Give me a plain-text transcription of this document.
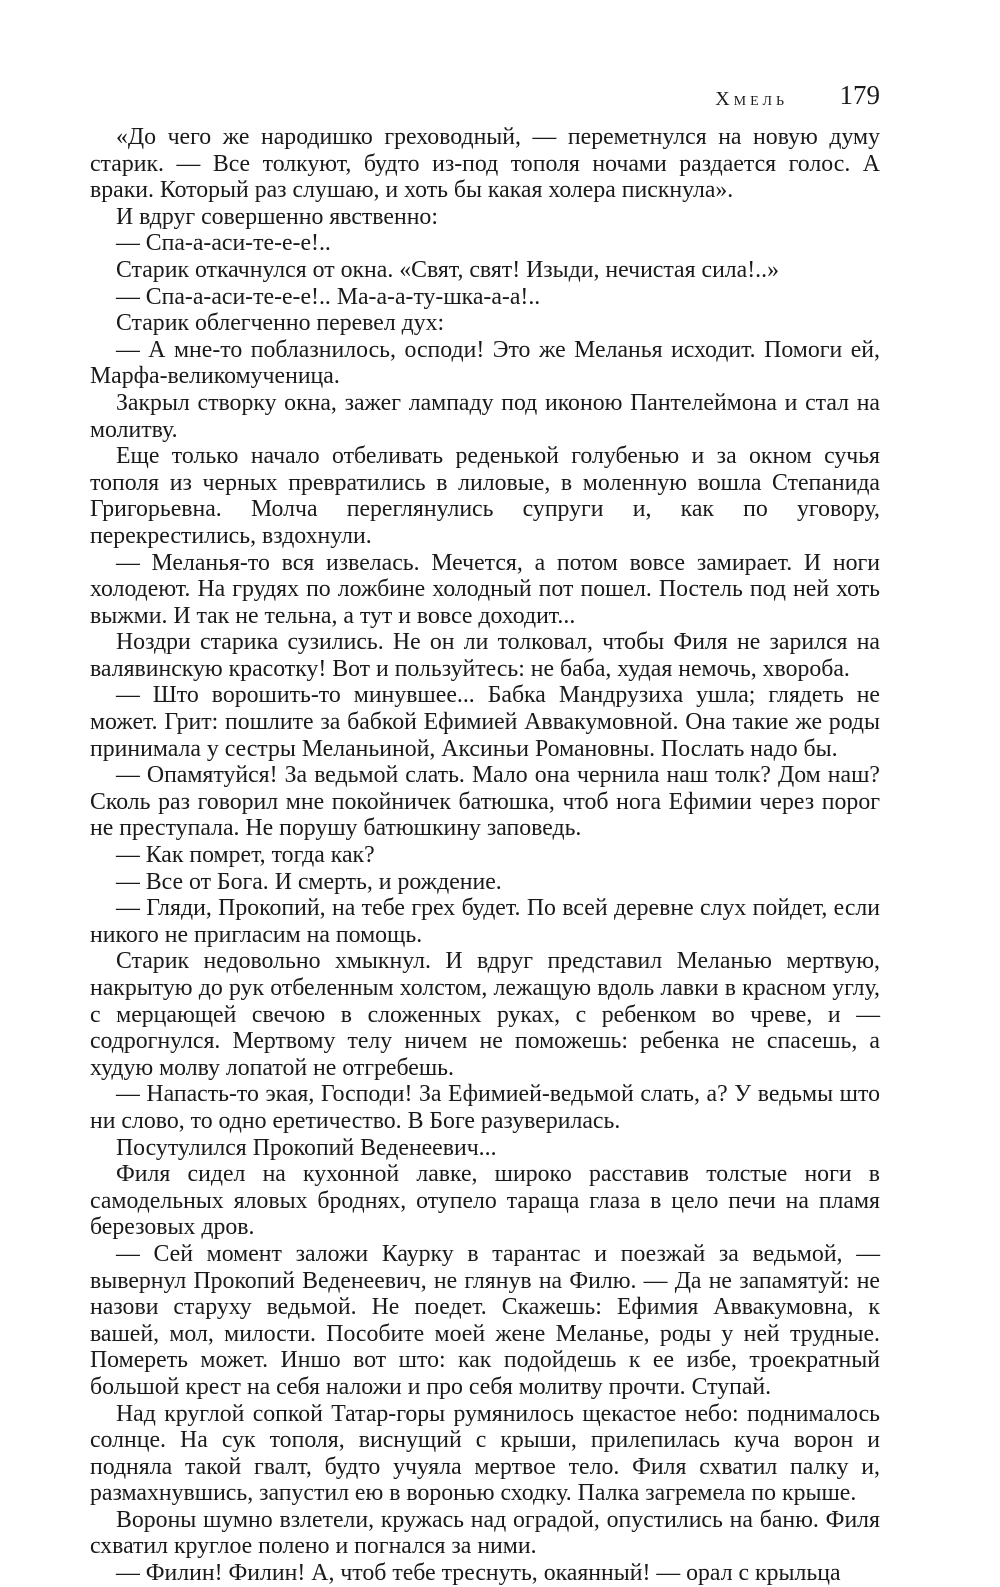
Хмель 179

«До чего же народишко греховодный, — переметнулся на новую думу старик. — Все толкуют, будто из-под тополя ночами раздается голос. А враки. Который раз слушаю, и хоть бы какая холера пискнула».

И вдруг совершенно явственно:

— Спа-а-аси-те-е-е!..

Старик откачнулся от окна. «Свят, свят! Изыди, нечистая сила!..»

— Спа-а-аси-те-е-е!.. Ма-а-а-ту-шка-а-а!..

Старик облегченно перевел дух:

— А мне-то поблазнилось, осподи! Это же Меланья исходит. Помоги ей, Марфа-великомученица.

Закрыл створку окна, зажег лампаду под иконою Пантелеймона и стал на молитву.

Еще только начало отбеливать реденькой голубенью и за окном сучья тополя из черных превратились в лиловые, в моленную вошла Степанида Григорьевна. Молча переглянулись супруги и, как по уговору, перекрестились, вздохнули.

— Меланья-то вся извелась. Мечется, а потом вовсе замирает. И ноги холодеют. На грудях по ложбине холодный пот пошел. Постель под ней хоть выжми. И так не тельна, а тут и вовсе доходит...

Ноздри старика сузились. Не он ли толковал, чтобы Филя не зарился на валявинскую красотку! Вот и пользуйтесь: не баба, худая немочь, хвороба.

— Што ворошить-то минувшее... Бабка Мандрузиха ушла; глядеть не может. Грит: пошлите за бабкой Ефимией Аввакумовной. Она такие же роды принимала у сестры Меланьиной, Аксиньи Романовны. Послать надо бы.

— Опамятуйся! За ведьмой слать. Мало она чернила наш толк? Дом наш? Сколь раз говорил мне покойничек батюшка, чтоб нога Ефимии через порог не преступала. Не порушу батюшкину заповедь.

— Как помрет, тогда как?

— Все от Бога. И смерть, и рождение.

— Гляди, Прокопий, на тебе грех будет. По всей деревне слух пойдет, если никого не пригласим на помощь.

Старик недовольно хмыкнул. И вдруг представил Меланью мертвую, накрытую до рук отбеленным холстом, лежащую вдоль лавки в красном углу, с мерцающей свечою в сложенных руках, с ребенком во чреве, и — содрогнулся. Мертвому телу ничем не поможешь: ребенка не спасешь, а худую молву лопатой не отгребешь.

— Напасть-то экая, Господи! За Ефимией-ведьмой слать, а? У ведьмы што ни слово, то одно еретичество. В Боге разуверилась.

Посутулился Прокопий Веденеевич...

Филя сидел на кухонной лавке, широко расставив толстые ноги в самодельных яловых броднях, отупело таращa глаза в цело печи на пламя березовых дров.

— Сей момент заложи Каурку в тарантас и поезжай за ведьмой, — вывернул Прокопий Веденеевич, не глянув на Филю. — Да не запамятуй: не назови старуху ведьмой. Не поедет. Скажешь: Ефимия Аввакумовна, к вашей, мол, милости. Пособите моей жене Меланье, роды у ней трудные. Помереть может. Иншо вот што: как подойдешь к ее избе, троекратный большой крест на себя наложи и про себя молитву прочти. Ступай.

Над круглой сопкой Татар-горы румянилось щекастое небо: поднималось солнце. На сук тополя, виснущий с крыши, прилепилась куча ворон и подняла такой гвалт, будто учуяла мертвое тело. Филя схватил палку и, размахнувшись, запустил ею в воронью сходку. Палка загремела по крыше.

Вороны шумно взлетели, кружась над оградой, опустились на баню. Филя схватил круглое полено и погнался за ними.

— Филин! Филин! А, чтоб тебе треснуть, окаянный! — орал с крыльца
